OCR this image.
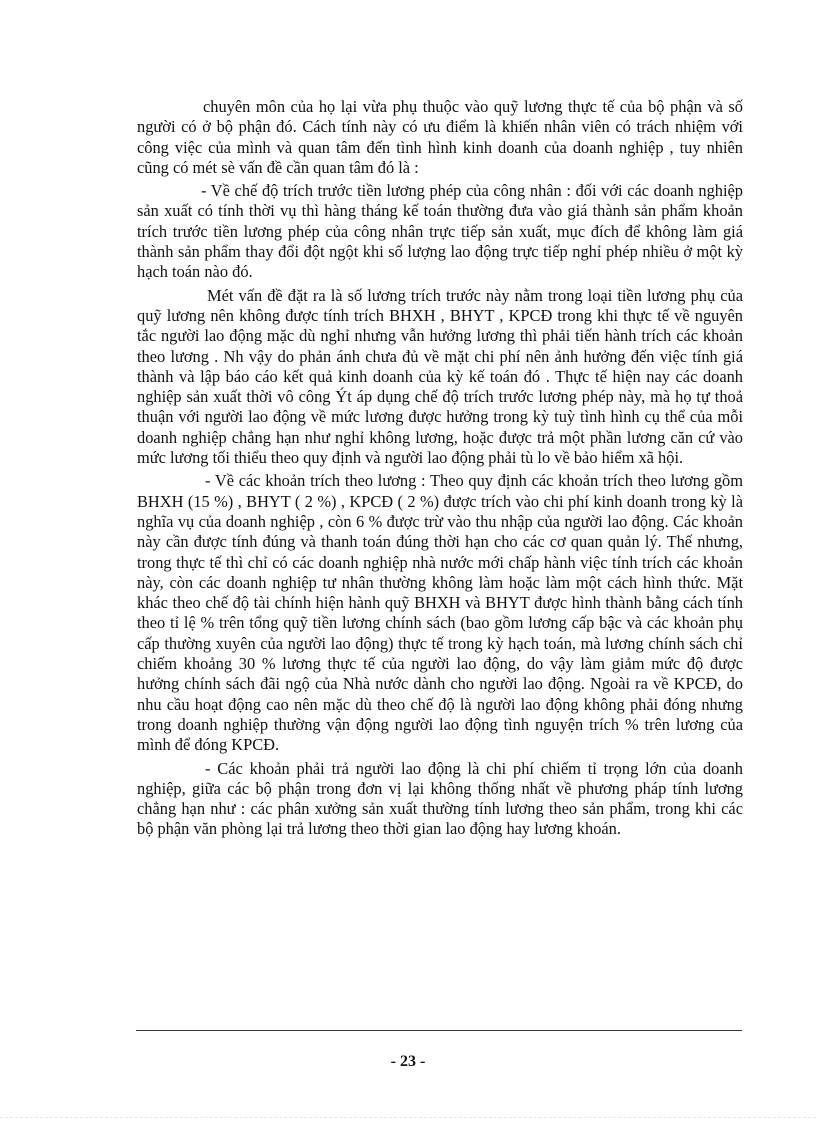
chuyên môn của họ lại vừa phụ thuộc vào quỹ lương thực tế của bộ phận và số người có ở bộ phận đó. Cách tính này có ưu điểm là khiến nhân viên có trách nhiệm với công việc của mình và quan tâm đến tình hình kinh doanh của doanh nghiệp , tuy nhiên cũng có mét sè vấn đề cần quan tâm đó là :

- Về chế độ trích trước tiền lương phép của công nhân : đối với các doanh nghiệp sản xuất có tính thời vụ thì hàng tháng kế toán thường đưa vào giá thành sản phẩm khoản trích trước tiền lương phép của công nhân trực tiếp sản xuất, mục đích để không làm giá thành sản phẩm thay đổi đột ngột khi số lượng lao động trực tiếp nghỉ phép nhiều ở một kỳ hạch toán nào đó.

Mét vấn đề đặt ra là số lương trích trước này nằm trong loại tiền lương phụ của quỹ lương nên không được tính trích BHXH , BHYT , KPCĐ trong khi thực tế về nguyên tắc người lao động mặc dù nghỉ nhưng vẫn hưởng lương thì phải tiến hành trích các khoản theo lương . Nh vậy do phản ánh chưa đủ về mặt chi phí nên ảnh hưởng đến việc tính giá thành và lập báo cáo kết quả kinh doanh của kỳ kế toán đó . Thực tế hiện nay các doanh nghiệp sản xuất thời vô công Ýt áp dụng chế độ trích trước lương phép này, mà họ tự thoả thuận với người lao động về mức lương được hưởng trong kỳ tuỳ tình hình cụ thể của mỗi doanh nghiệp chẳng hạn như nghỉ không lương, hoặc được trả một phần lương căn cứ vào mức lương tối thiểu theo quy định và người lao động phải tù lo về bảo hiểm xã hội.

- Về các khoản trích theo lương : Theo quy định các khoản trích theo lương gồm BHXH (15 %) , BHYT ( 2 %) , KPCĐ ( 2 %) được trích vào chi phí kinh doanh trong kỳ là nghĩa vụ của doanh nghiệp , còn 6 % được trừ vào thu nhập của người lao động. Các khoản này cần được tính đúng và thanh toán đúng thời hạn cho các cơ quan quản lý. Thế nhưng, trong thực tế thì chỉ có các doanh nghiệp nhà nước mới chấp hành việc tính trích các khoản này, còn các doanh nghiệp tư nhân thường không làm hoặc làm một cách hình thức. Mặt khác theo chế độ tài chính hiện hành quỹ BHXH và BHYT được hình thành bằng cách tính theo tỉ lệ % trên tổng quỹ tiền lương chính sách (bao gồm lương cấp bậc và các khoản phụ cấp thường xuyên của người lao động) thực tế trong kỳ hạch toán, mà lương chính sách chỉ chiếm khoảng 30 % lương thực tế của người lao động, do vậy làm giảm mức độ được hưởng chính sách đãi ngộ của Nhà nước dành cho người lao động. Ngoài ra về KPCĐ, do nhu cầu hoạt động cao nên mặc dù theo chế độ là người lao động không phải đóng nhưng trong doanh nghiệp thường vận động người lao động tình nguyện trích % trên lương của mình để đóng KPCĐ.

- Các khoản phải trả người lao động là chi phí chiếm tỉ trọng lớn của doanh nghiệp, giữa các bộ phận trong đơn vị lại không thống nhất về phương pháp tính lương chẳng hạn như : các phân xưởng sản xuất thường tính lương theo sản phẩm, trong khi các bộ phận văn phòng lại trả lương theo thời gian lao động hay lương khoán.

- 23 -
